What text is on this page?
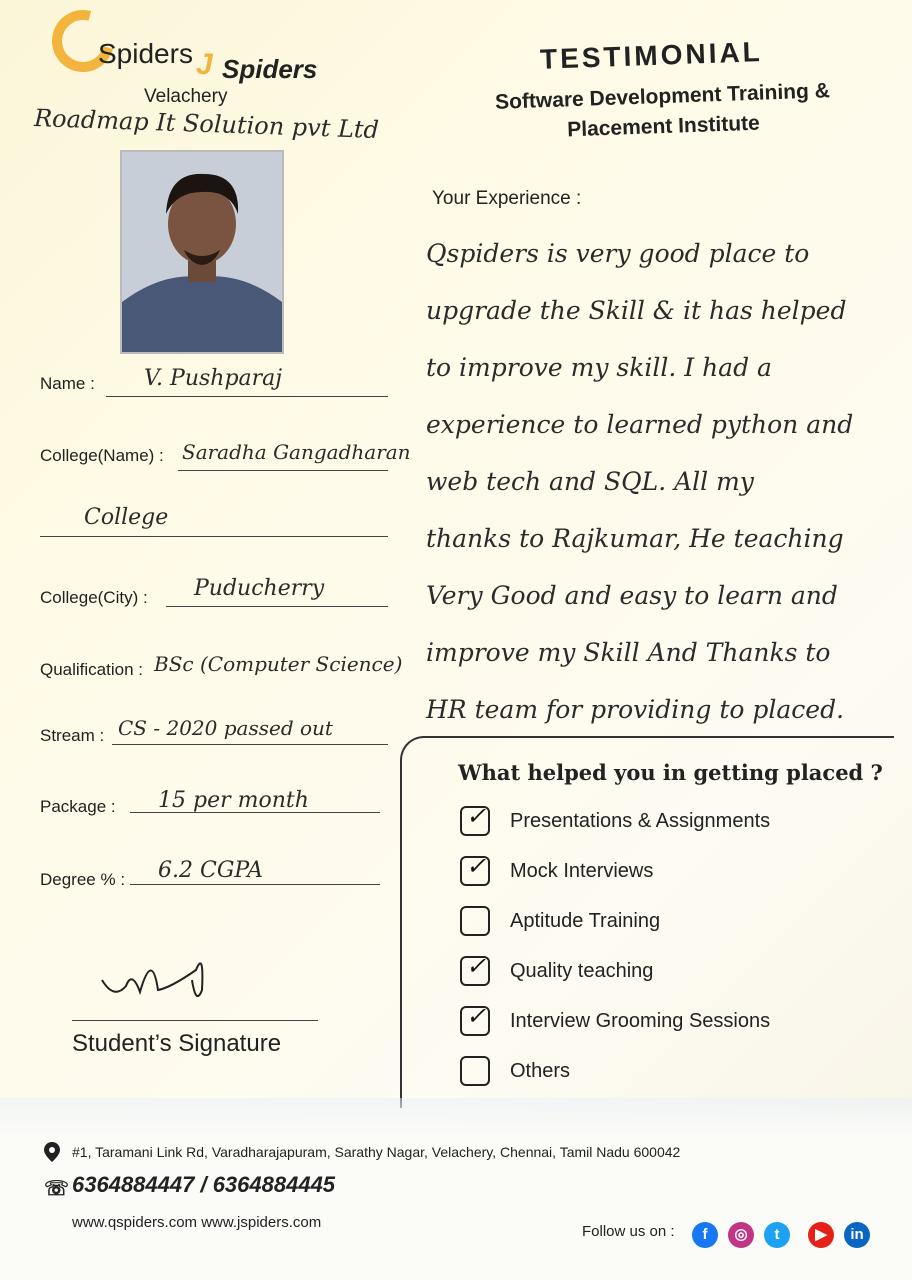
Spiders J Spiders
Velachery
TESTIMONIAL
Software Development Training & Placement Institute
Roadmap It Solution pvt Ltd
Name : V. Pushparaj
College(Name) : Saradha Gangadharan
College
College(City) : Puducherry
Qualification : BSc (Computer Science)
Stream : CS - 2020 passed out
Package : 15 per month
Degree % : 6.2 CGPA
Student’s Signature
Your Experience :
Qspiders is very good place to
upgrade the Skill & it has helped
to improve my skill. I had a
experience to learned python and
web tech and SQL. All my
thanks to Rajkumar, He teaching
Very Good and easy to learn and
improve my Skill And Thanks to
HR team for providing to placed.
What helped you in getting placed ?
✓ Presentations & Assignments
✓ Mock Interviews
Aptitude Training
✓ Quality teaching
✓ Interview Grooming Sessions
Others
#1, Taramani Link Rd, Varadharajapuram, Sarathy Nagar, Velachery, Chennai, Tamil Nadu 600042
☏ 6364884447 / 6364884445
www.qspiders.com www.jspiders.com
Follow us on :	f	◎	t	▶	in
